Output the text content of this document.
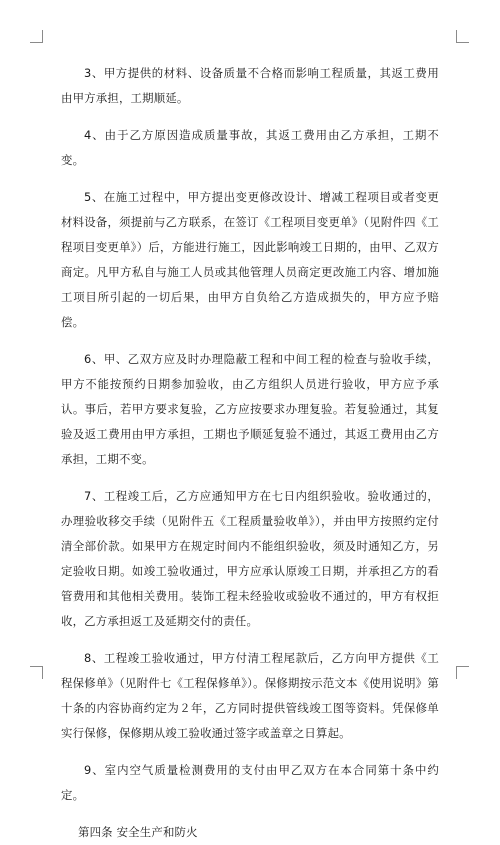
3、甲方提供的材料、设备质量不合格而影响工程质量，其返工费用由甲方承担，工期顺延。

4、由于乙方原因造成质量事故，其返工费用由乙方承担，工期不变。

5、在施工过程中，甲方提出变更修改设计、增减工程项目或者变更材料设备，须提前与乙方联系，在签订《工程项目变更单》（见附件四《工程项目变更单》）后，方能进行施工，因此影响竣工日期的，由甲、乙双方商定。凡甲方私自与施工人员或其他管理人员商定更改施工内容、增加施工项目所引起的一切后果，由甲方自负给乙方造成损失的，甲方应予赔偿。

6、甲、乙双方应及时办理隐蔽工程和中间工程的检查与验收手续，甲方不能按预约日期参加验收，由乙方组织人员进行验收，甲方应予承认。事后，若甲方要求复验，乙方应按要求办理复验。若复验通过，其复验及返工费用由甲方承担，工期也予顺延复验不通过，其返工费用由乙方承担，工期不变。

7、工程竣工后，乙方应通知甲方在七日内组织验收。验收通过的，办理验收移交手续（见附件五《工程质量验收单》），并由甲方按照约定付清全部价款。如果甲方在规定时间内不能组织验收，须及时通知乙方，另定验收日期。如竣工验收通过，甲方应承认原竣工日期，并承担乙方的看管费用和其他相关费用。装饰工程未经验收或验收不通过的，甲方有权拒收，乙方承担返工及延期交付的责任。

8、工程竣工验收通过，甲方付清工程尾款后，乙方向甲方提供《工程保修单》（见附件七《工程保修单》）。保修期按示范文本《使用说明》第十条的内容协商约定为２年，乙方同时提供管线竣工图等资料。凭保修单实行保修，保修期从竣工验收通过签字或盖章之日算起。

9、室内空气质量检测费用的支付由甲乙双方在本合同第十条中约定。

第四条 安全生产和防火
